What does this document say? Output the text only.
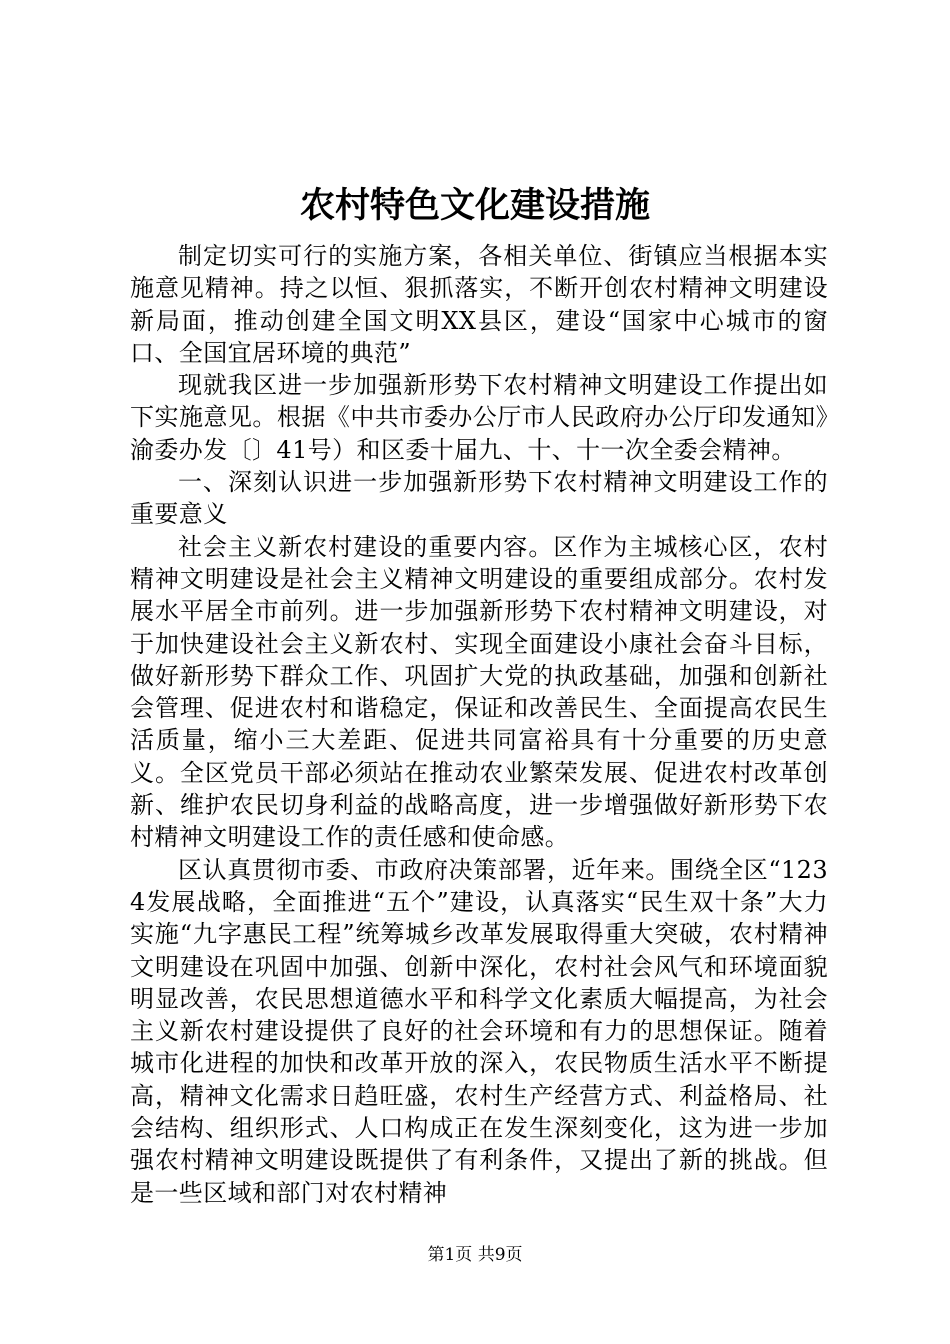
农村特色文化建设措施

制定切实可行的实施方案，各相关单位、街镇应当根据本实施意见精神。持之以恒、狠抓落实，不断开创农村精神文明建设新局面，推动创建全国文明XX县区，建设“国家中心城市的窗口、全国宜居环境的典范”

现就我区进一步加强新形势下农村精神文明建设工作提出如下实施意见。根据《中共市委办公厅市人民政府办公厅印发通知》渝委办发〔〕41号）和区委十届九、十、十一次全委会精神。

一、深刻认识进一步加强新形势下农村精神文明建设工作的重要意义

社会主义新农村建设的重要内容。区作为主城核心区，农村精神文明建设是社会主义精神文明建设的重要组成部分。农村发展水平居全市前列。进一步加强新形势下农村精神文明建设，对于加快建设社会主义新农村、实现全面建设小康社会奋斗目标，做好新形势下群众工作、巩固扩大党的执政基础，加强和创新社会管理、促进农村和谐稳定，保证和改善民生、全面提高农民生活质量，缩小三大差距、促进共同富裕具有十分重要的历史意义。全区党员干部必须站在推动农业繁荣发展、促进农村改革创新、维护农民切身利益的战略高度，进一步增强做好新形势下农村精神文明建设工作的责任感和使命感。

区认真贯彻市委、市政府决策部署，近年来。围绕全区“1234发展战略，全面推进“五个”建设，认真落实“民生双十条”大力实施“九字惠民工程”统筹城乡改革发展取得重大突破，农村精神文明建设在巩固中加强、创新中深化，农村社会风气和环境面貌明显改善，农民思想道德水平和科学文化素质大幅提高，为社会主义新农村建设提供了良好的社会环境和有力的思想保证。随着城市化进程的加快和改革开放的深入，农民物质生活水平不断提高，精神文化需求日趋旺盛，农村生产经营方式、利益格局、社会结构、组织形式、人口构成正在发生深刻变化，这为进一步加强农村精神文明建设既提供了有利条件，又提出了新的挑战。但是一些区域和部门对农村精神

第1页 共9页
